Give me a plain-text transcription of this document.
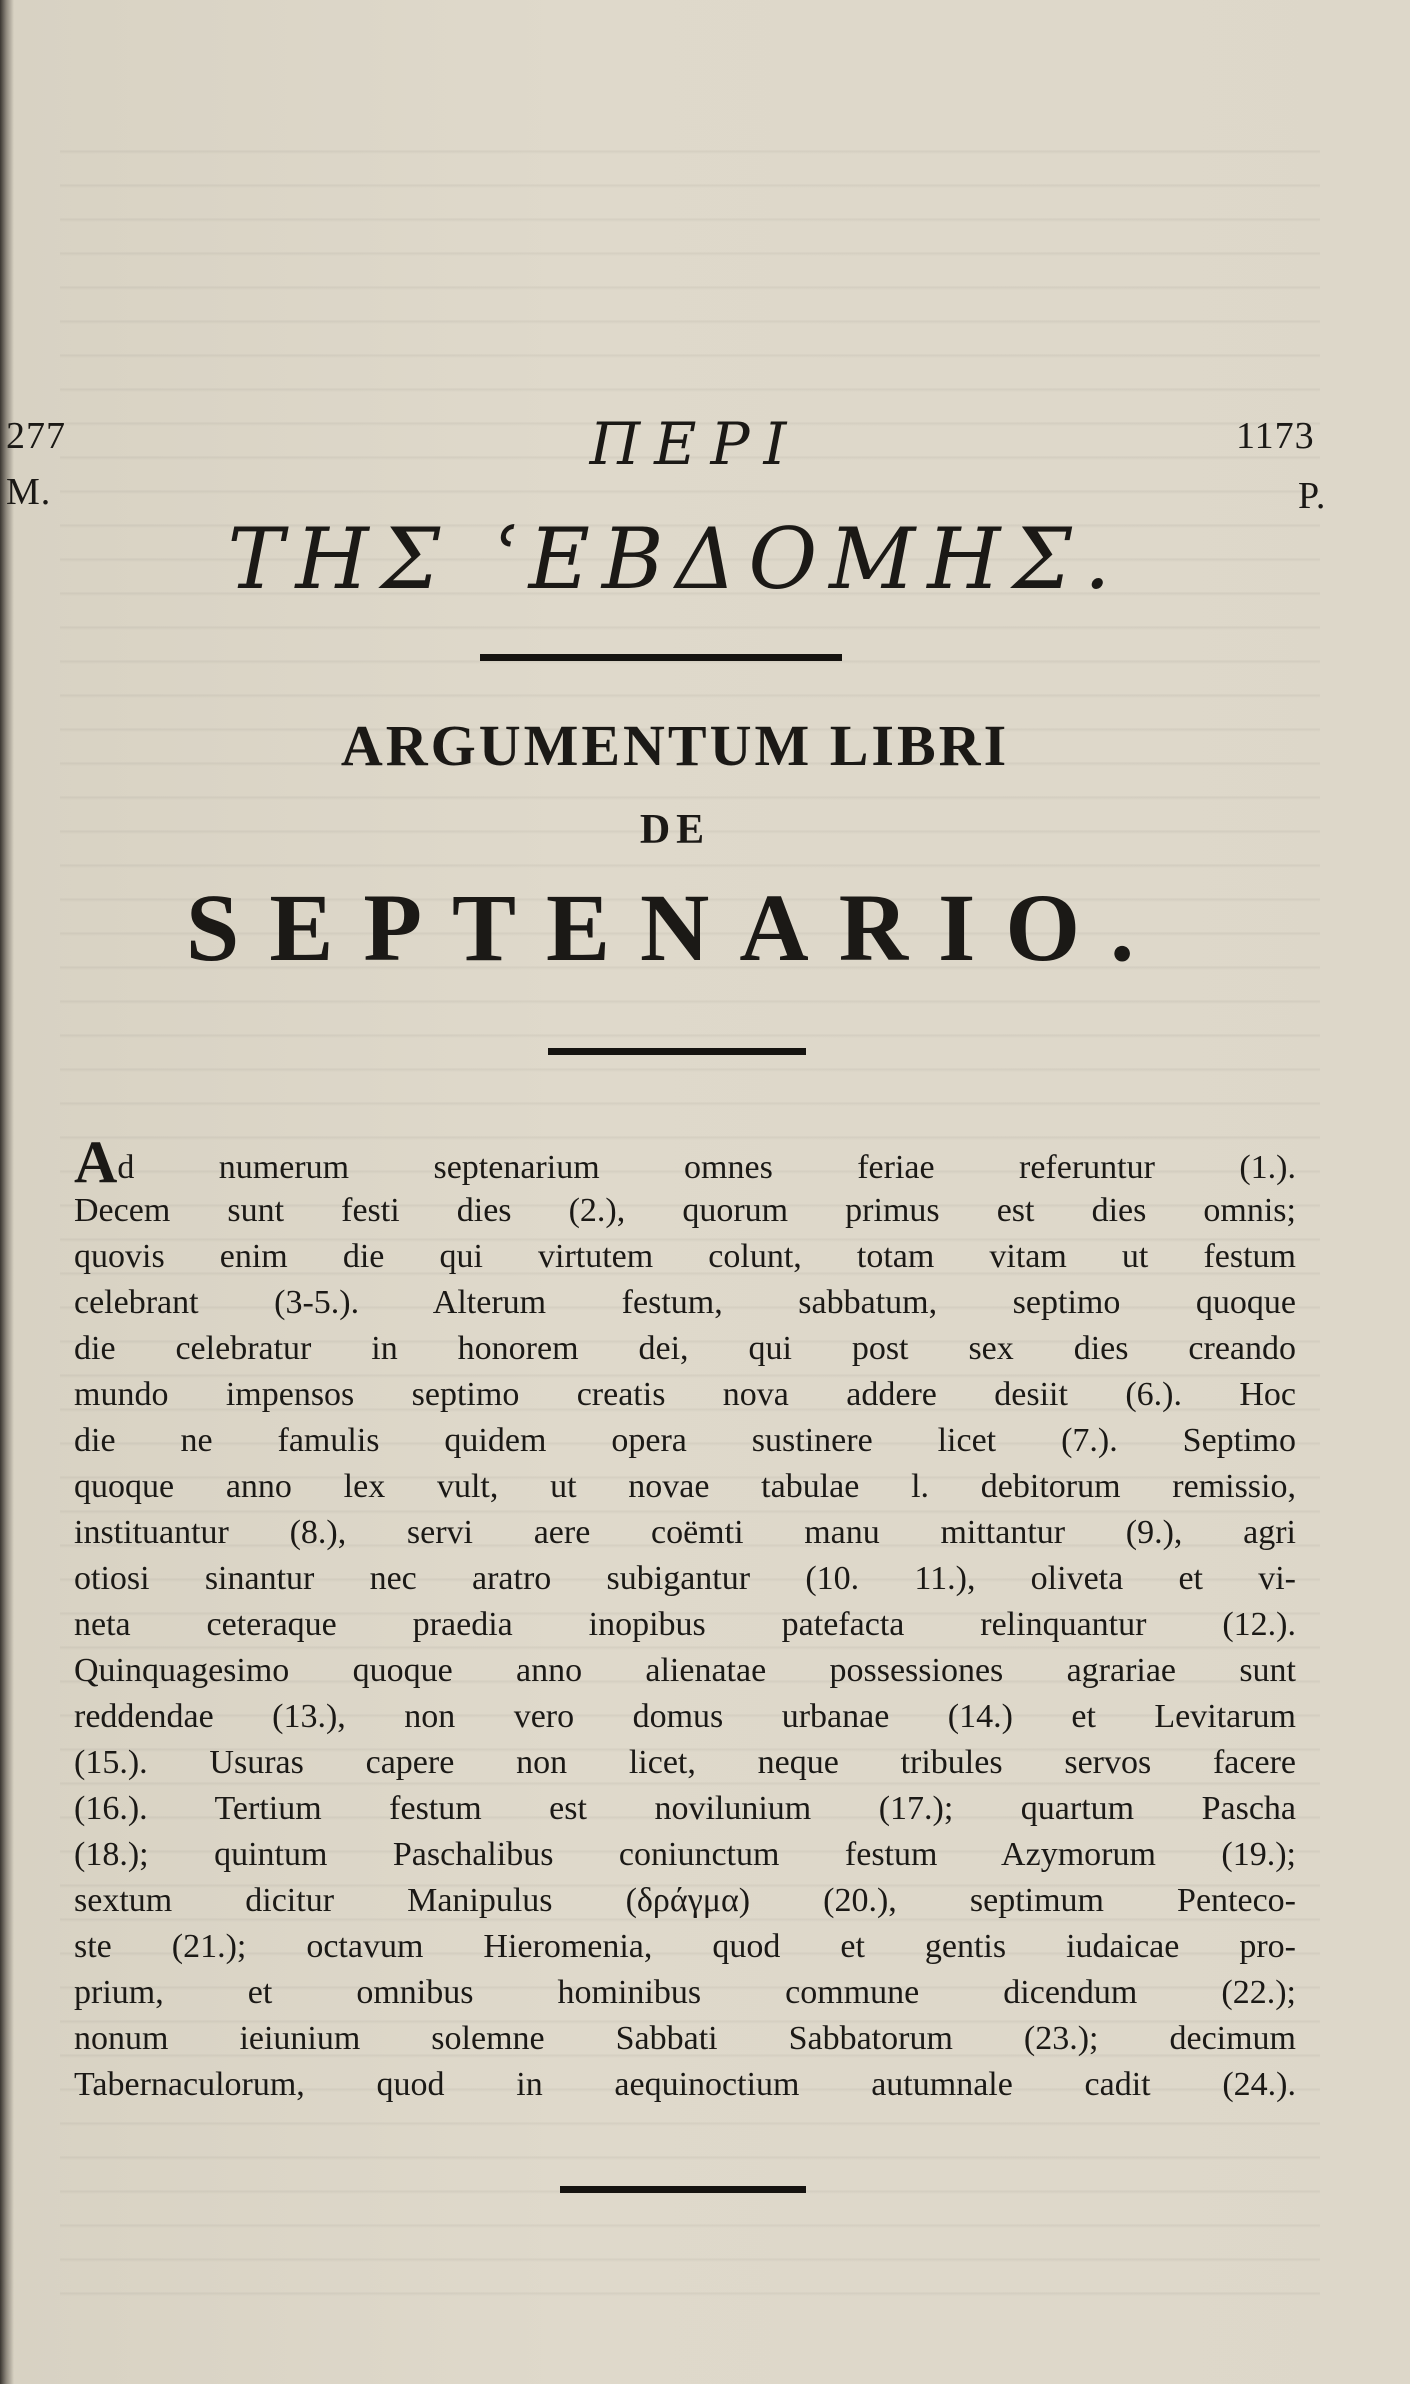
277
M.
1173
P.
ΠΕΡΙ
ΤΗΣ ʿΕΒΔΟΜΗΣ.
ARGUMENTUM LIBRI
DE
SEPTENARIO.
Ad numerum septenarium omnes feriae referuntur (1.).
Decem sunt festi dies (2.), quorum primus est dies omnis;
quovis enim die qui virtutem colunt, totam vitam ut festum
celebrant (3-5.). Alterum festum, sabbatum, septimo quoque
die celebratur in honorem dei, qui post sex dies creando
mundo impensos septimo creatis nova addere desiit (6.). Hoc
die ne famulis quidem opera sustinere licet (7.). Septimo
quoque anno lex vult, ut novae tabulae l. debitorum remissio,
instituantur (8.), servi aere coëmti manu mittantur (9.), agri
otiosi sinantur nec aratro subigantur (10. 11.), oliveta et vi-
neta ceteraque praedia inopibus patefacta relinquantur (12.).
Quinquagesimo quoque anno alienatae possessiones agrariae sunt
reddendae (13.), non vero domus urbanae (14.) et Levitarum
(15.). Usuras capere non licet, neque tribules servos facere
(16.). Tertium festum est novilunium (17.); quartum Pascha
(18.); quintum Paschalibus coniunctum festum Azymorum (19.);
sextum dicitur Manipulus (δράγμα) (20.), septimum Penteco-
ste (21.); octavum Hieromenia, quod et gentis iudaicae pro-
prium, et omnibus hominibus commune dicendum (22.);
nonum ieiunium solemne Sabbati Sabbatorum (23.); decimum
Tabernaculorum, quod in aequinoctium autumnale cadit (24.).
